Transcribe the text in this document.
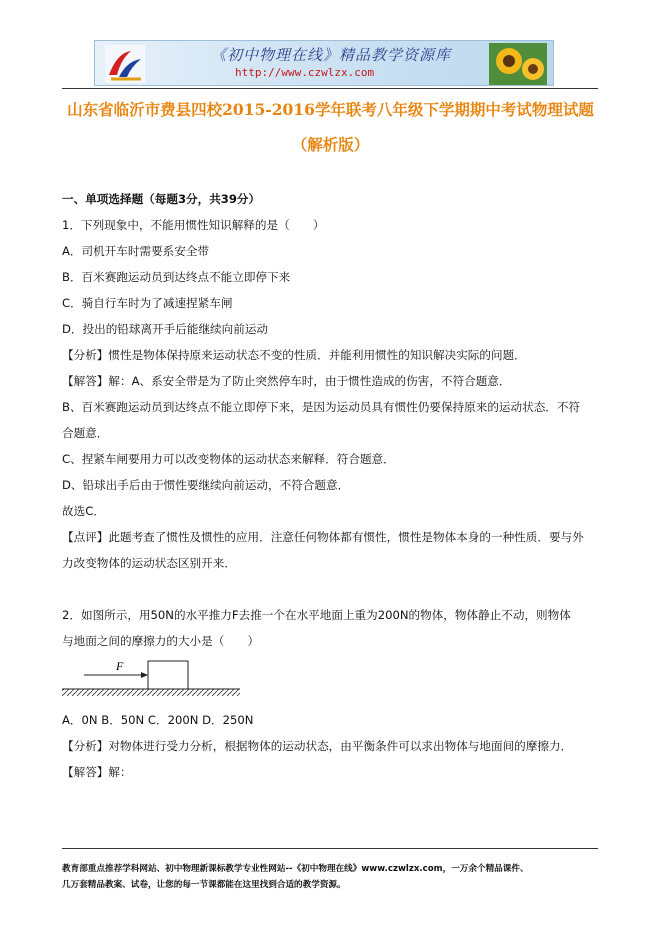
《初中物理在线》精品教学资源库
http://www.czwlzx.com
山东省临沂市费县四校2015-2016学年联考八年级下学期期中考试物理试题
（解析版）
一、单项选择题（每题3分，共39分）
1．下列现象中，不能用惯性知识解释的是（　　）
A．司机开车时需要系安全带
B．百米赛跑运动员到达终点不能立即停下来
C．骑自行车时为了减速捏紧车闸
D．投出的铅球离开手后能继续向前运动
【分析】惯性是物体保持原来运动状态不变的性质．并能利用惯性的知识解决实际的问题．
【解答】解：A、系安全带是为了防止突然停车时，由于惯性造成的伤害，不符合题意．
B、百米赛跑运动员到达终点不能立即停下来，是因为运动员具有惯性仍要保持原来的运动状态．不符
合题意．
C、捏紧车闸要用力可以改变物体的运动状态来解释．符合题意．
D、铅球出手后由于惯性要继续向前运动，不符合题意．
故选C．
【点评】此题考查了惯性及惯性的应用．注意任何物体都有惯性，惯性是物体本身的一种性质．要与外
力改变物体的运动状态区别开来．
2．如图所示，用50N的水平推力F去推一个在水平地面上重为200N的物体，物体静止不动，则物体
与地面之间的摩擦力的大小是（　　）
F
A．0N B．50N C．200N D．250N
【分析】对物体进行受力分析，根据物体的运动状态，由平衡条件可以求出物体与地面间的摩擦力．
【解答】解：
教育部重点推荐学科网站、初中物理新课标教学专业性网站--《初中物理在线》www.czwlzx.com，一万余个精品课件、
几万套精品教案、试卷，让您的每一节课都能在这里找到合适的教学资源。
